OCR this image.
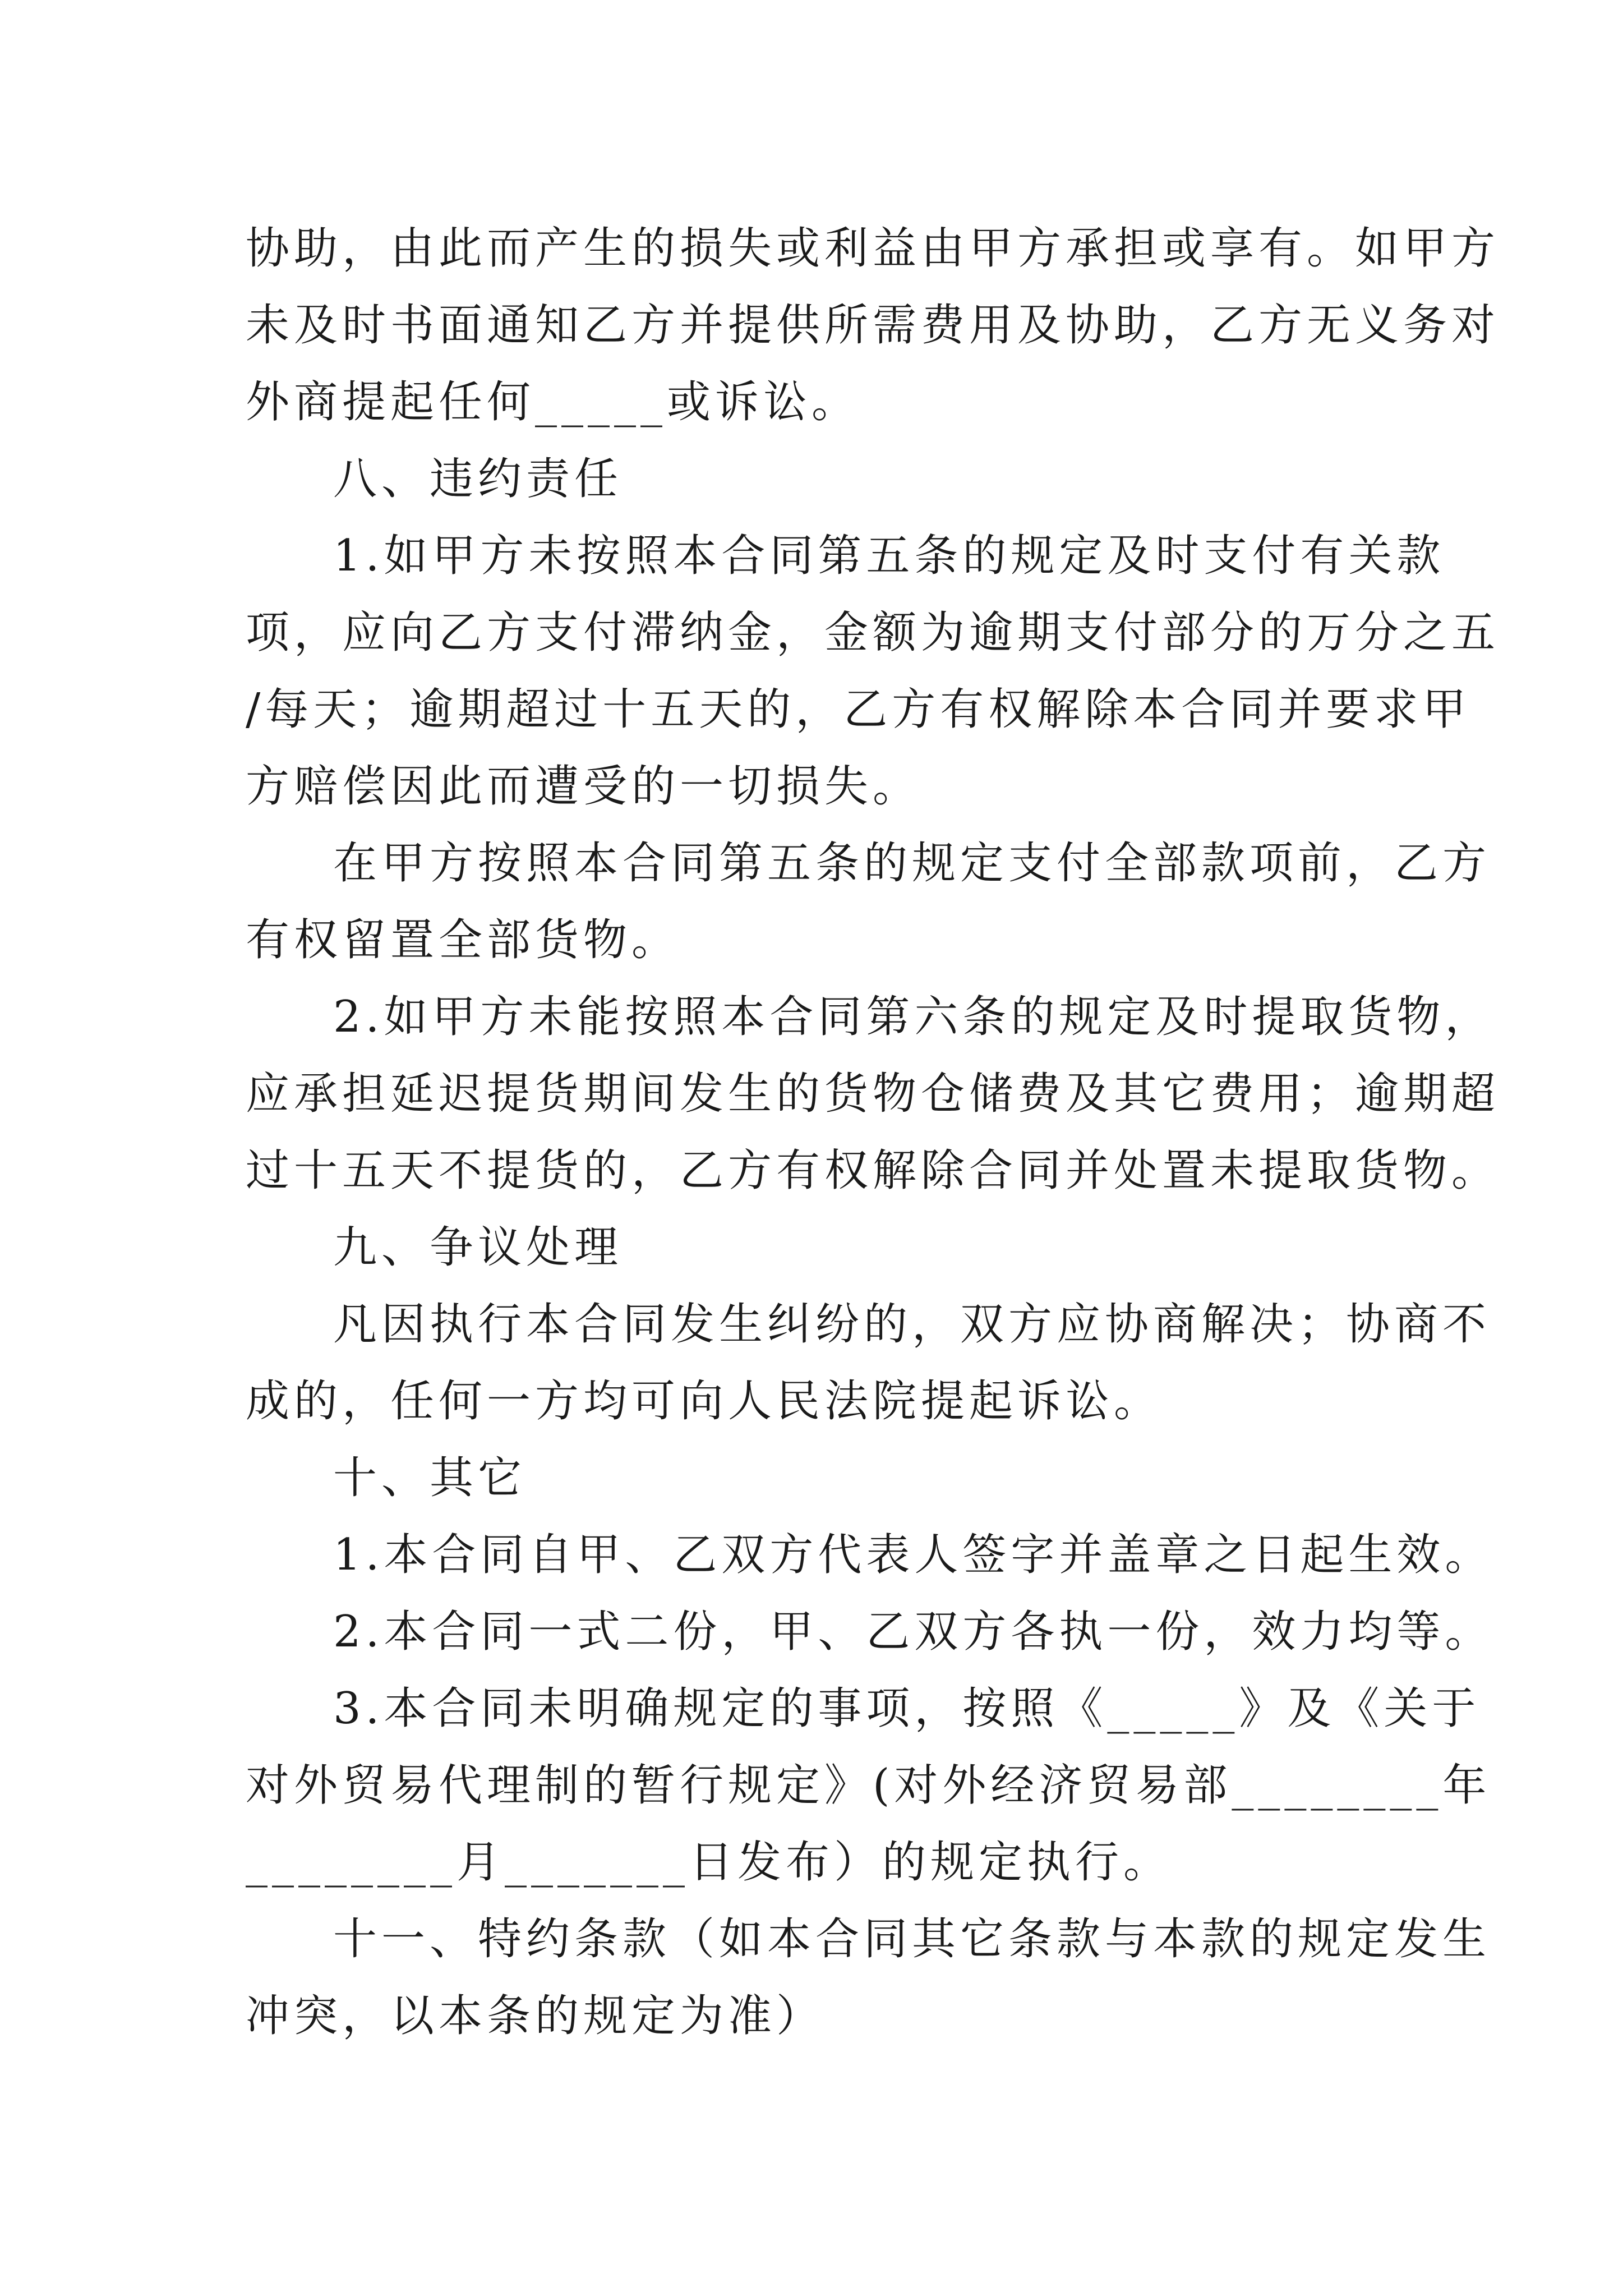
协助，由此而产生的损失或利益由甲方承担或享有。如甲方
未及时书面通知乙方并提供所需费用及协助，乙方无义务对
外商提起任何_____或诉讼。
八、违约责任
1.如甲方未按照本合同第五条的规定及时支付有关款
项，应向乙方支付滞纳金，金额为逾期支付部分的万分之五
/每天；逾期超过十五天的，乙方有权解除本合同并要求甲
方赔偿因此而遭受的一切损失。
在甲方按照本合同第五条的规定支付全部款项前，乙方
有权留置全部货物。
2.如甲方未能按照本合同第六条的规定及时提取货物，
应承担延迟提货期间发生的货物仓储费及其它费用；逾期超
过十五天不提货的，乙方有权解除合同并处置未提取货物。
九、争议处理
凡因执行本合同发生纠纷的，双方应协商解决；协商不
成的，任何一方均可向人民法院提起诉讼。
十、其它
1.本合同自甲、乙双方代表人签字并盖章之日起生效。
2.本合同一式二份，甲、乙双方各执一份，效力均等。
3.本合同未明确规定的事项，按照《_____》及《关于
对外贸易代理制的暂行规定》(对外经济贸易部________年
________月_______日发布）的规定执行。
十一、特约条款（如本合同其它条款与本款的规定发生
冲突，以本条的规定为准）
